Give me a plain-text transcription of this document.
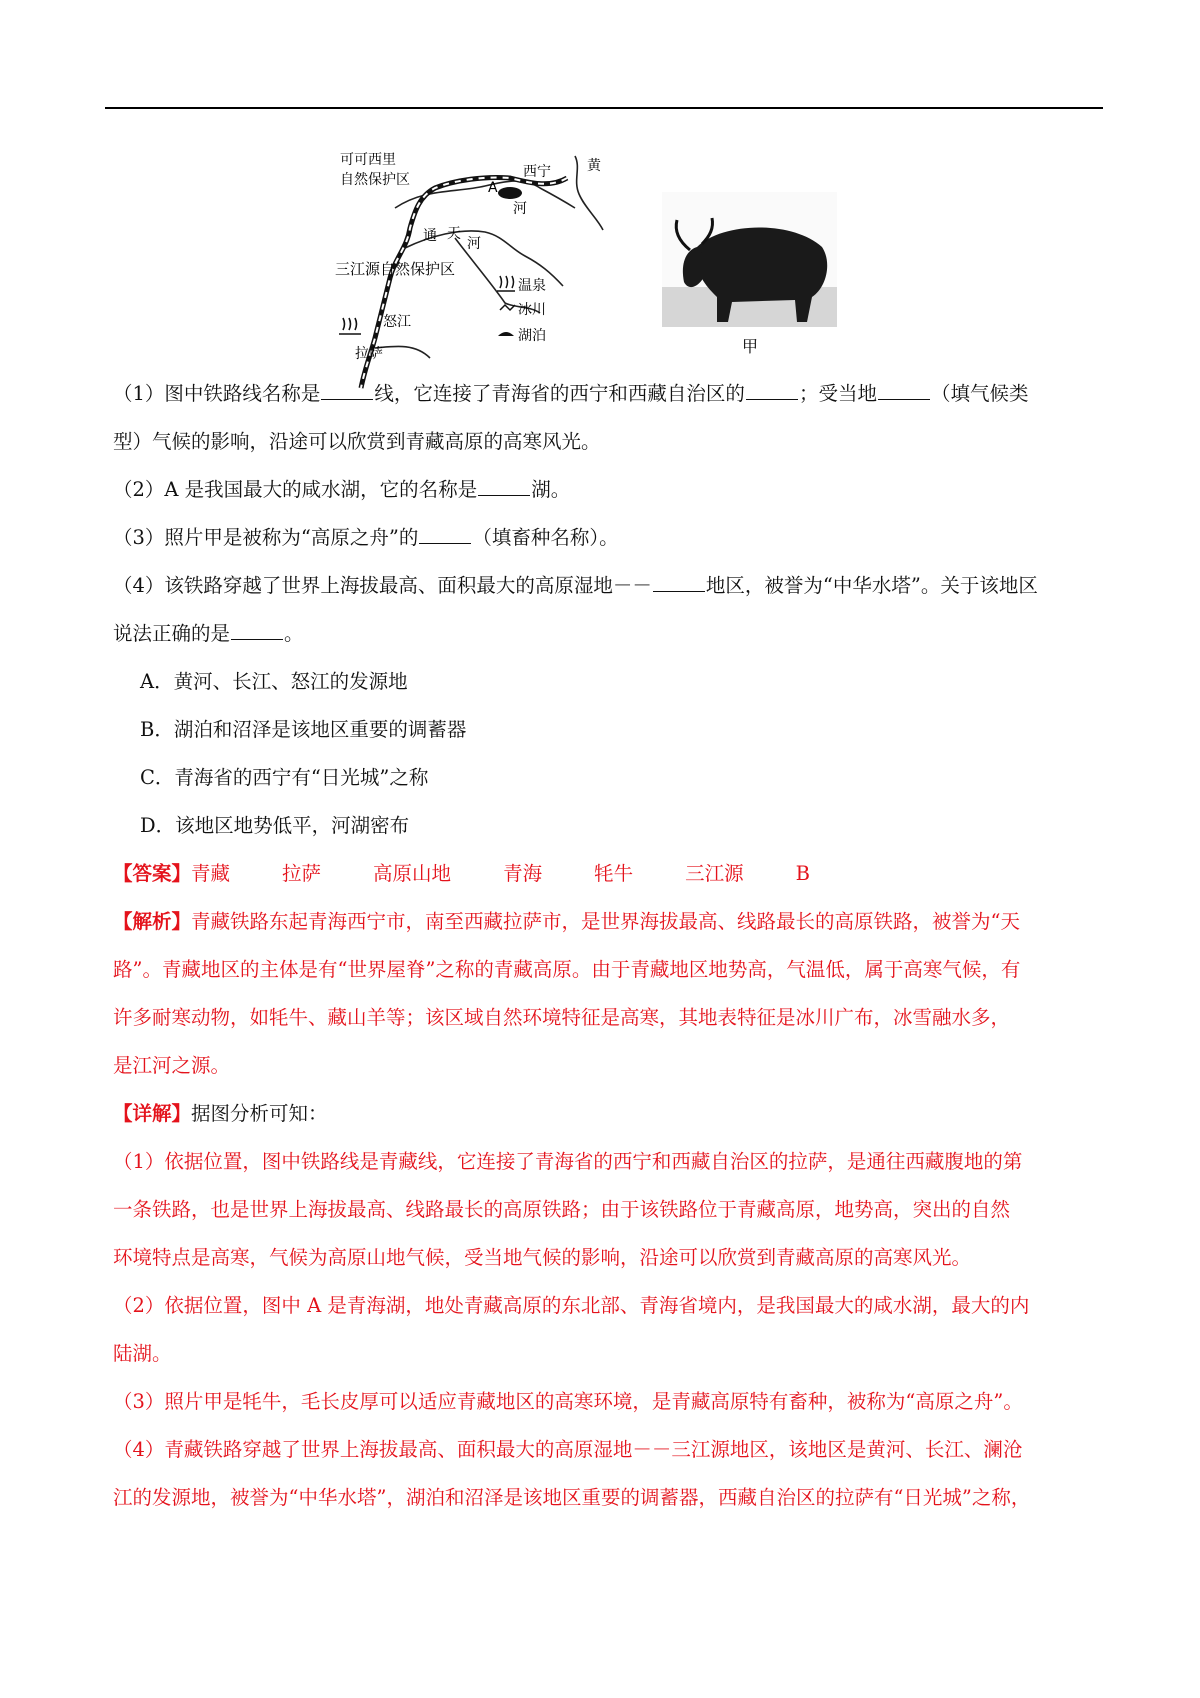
可可西里
自然保护区	西宁	黄
河
A
通 天
河
三江源自然保护区
怒江
拉萨
温泉
冰川
湖泊
甲
（1）图中铁路线名称是	线，它连接了青海省的西宁和西藏自治区的	；受当地	（填气候类
型）气候的影响，沿途可以欣赏到青藏高原的高寒风光。
（2）A 是我国最大的咸水湖，它的名称是	湖。
（3）照片甲是被称为“高原之舟”的	（填畜种名称）。
（4）该铁路穿越了世界上海拔最高、面积最大的高原湿地－－	地区，被誉为“中华水塔”。关于该地区
说法正确的是	。
A．黄河、长江、怒江的发源地
B．湖泊和沼泽是该地区重要的调蓄器
C．青海省的西宁有“日光城”之称
D．该地区地势低平，河湖密布
【答案】青藏	拉萨	高原山地	青海	牦牛	三江源	B
【解析】青藏铁路东起青海西宁市，南至西藏拉萨市，是世界海拔最高、线路最长的高原铁路，被誉为“天
路”。青藏地区的主体是有“世界屋脊”之称的青藏高原。由于青藏地区地势高，气温低，属于高寒气候，有
许多耐寒动物，如牦牛、藏山羊等；该区域自然环境特征是高寒，其地表特征是冰川广布，冰雪融水多，
是江河之源。
【详解】据图分析可知：
（1）依据位置，图中铁路线是青藏线，它连接了青海省的西宁和西藏自治区的拉萨，是通往西藏腹地的第
一条铁路，也是世界上海拔最高、线路最长的高原铁路；由于该铁路位于青藏高原，地势高，突出的自然
环境特点是高寒，气候为高原山地气候，受当地气候的影响，沿途可以欣赏到青藏高原的高寒风光。
（2）依据位置，图中 A 是青海湖，地处青藏高原的东北部、青海省境内，是我国最大的咸水湖，最大的内
陆湖。
（3）照片甲是牦牛，毛长皮厚可以适应青藏地区的高寒环境，是青藏高原特有畜种，被称为“高原之舟”。
（4）青藏铁路穿越了世界上海拔最高、面积最大的高原湿地－－三江源地区，该地区是黄河、长江、澜沧
江的发源地，被誉为“中华水塔”，湖泊和沼泽是该地区重要的调蓄器，西藏自治区的拉萨有“日光城”之称，
